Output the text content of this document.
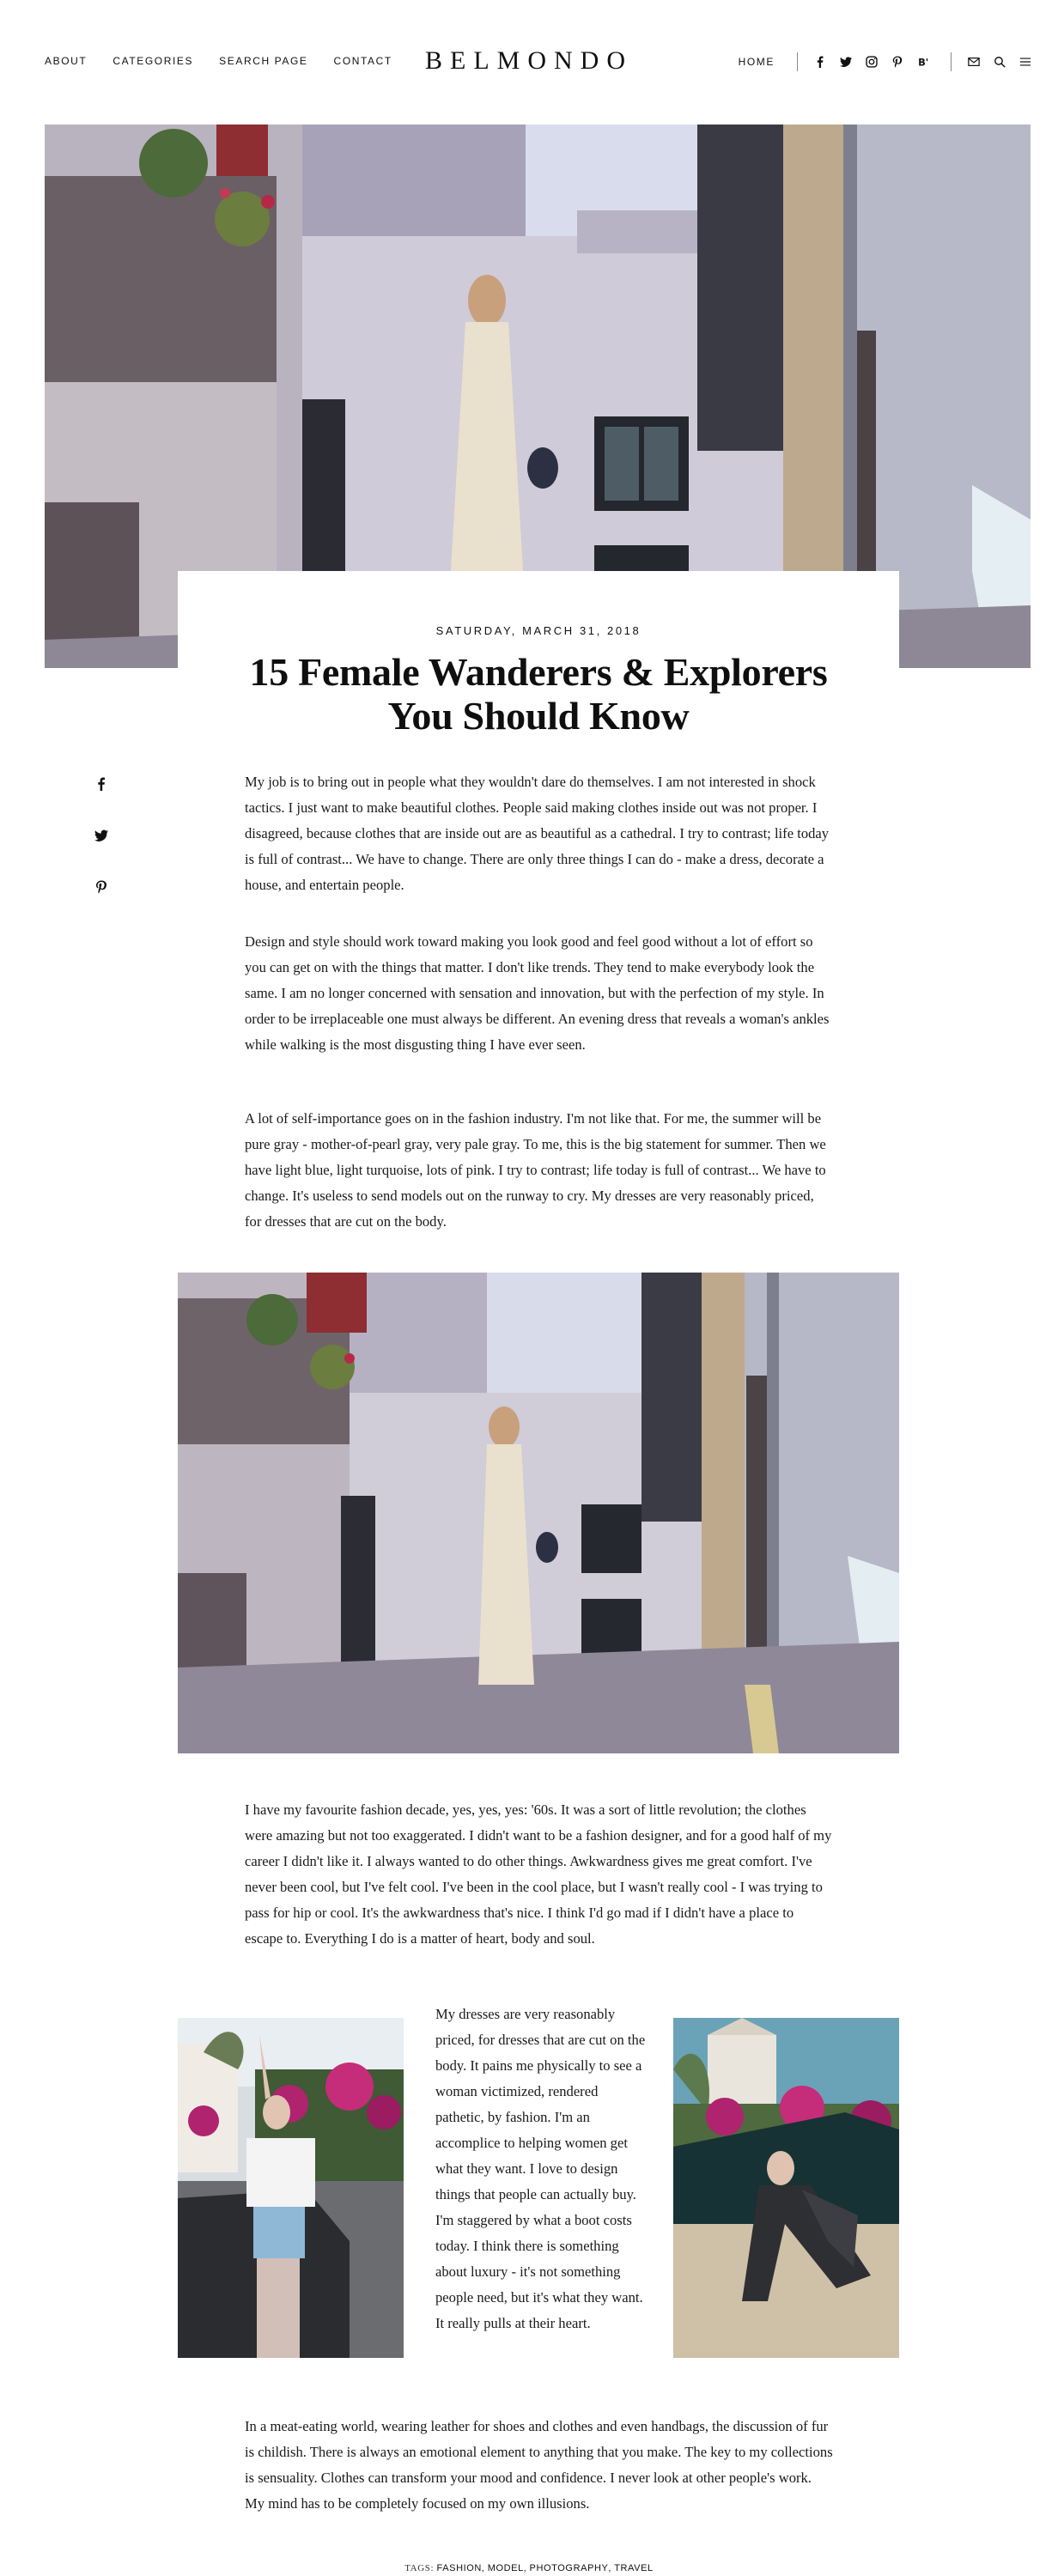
ABOUT	CATEGORIES	SEARCH PAGE	CONTACT	BELMONDO	HOME	B'
SATURDAY, MARCH 31, 2018
15 Female Wanderers & Explorers
You Should Know

My job is to bring out in people what they wouldn't dare do themselves. I am not interested in shock tactics. I just want to make beautiful clothes. People said making clothes inside out was not proper. I disagreed, because clothes that are inside out are as beautiful as a cathedral. I try to contrast; life today is full of contrast... We have to change. There are only three things I can do - make a dress, decorate a house, and entertain people.

Design and style should work toward making you look good and feel good without a lot of effort so you can get on with the things that matter. I don't like trends. They tend to make everybody look the same. I am no longer concerned with sensation and innovation, but with the perfection of my style. In order to be irreplaceable one must always be different. An evening dress that reveals a woman's ankles while walking is the most disgusting thing I have ever seen.

A lot of self-importance goes on in the fashion industry. I'm not like that. For me, the summer will be pure gray - mother-of-pearl gray, very pale gray. To me, this is the big statement for summer. Then we have light blue, light turquoise, lots of pink. I try to contrast; life today is full of contrast... We have to change. It's useless to send models out on the runway to cry. My dresses are very reasonably priced, for dresses that are cut on the body.

I have my favourite fashion decade, yes, yes, yes: '60s. It was a sort of little revolution; the clothes were amazing but not too exaggerated. I didn't want to be a fashion designer, and for a good half of my career I didn't like it. I always wanted to do other things. Awkwardness gives me great comfort. I've never been cool, but I've felt cool. I've been in the cool place, but I wasn't really cool - I was trying to pass for hip or cool. It's the awkwardness that's nice. I think I'd go mad if I didn't have a place to escape to. Everything I do is a matter of heart, body and soul.

My dresses are very reasonably priced, for dresses that are cut on the body. It pains me physically to see a woman victimized, rendered pathetic, by fashion. I'm an accomplice to helping women get what they want. I love to design things that people can actually buy. I'm staggered by what a boot costs today. I think there is something about luxury - it's not something people need, but it's what they want. It really pulls at their heart.

In a meat-eating world, wearing leather for shoes and clothes and even handbags, the discussion of fur is childish. There is always an emotional element to anything that you make. The key to my collections is sensuality. Clothes can transform your mood and confidence. I never look at other people's work. My mind has to be completely focused on my own illusions.

TAGS: FASHION, MODEL, PHOTOGRAPHY, TRAVEL
